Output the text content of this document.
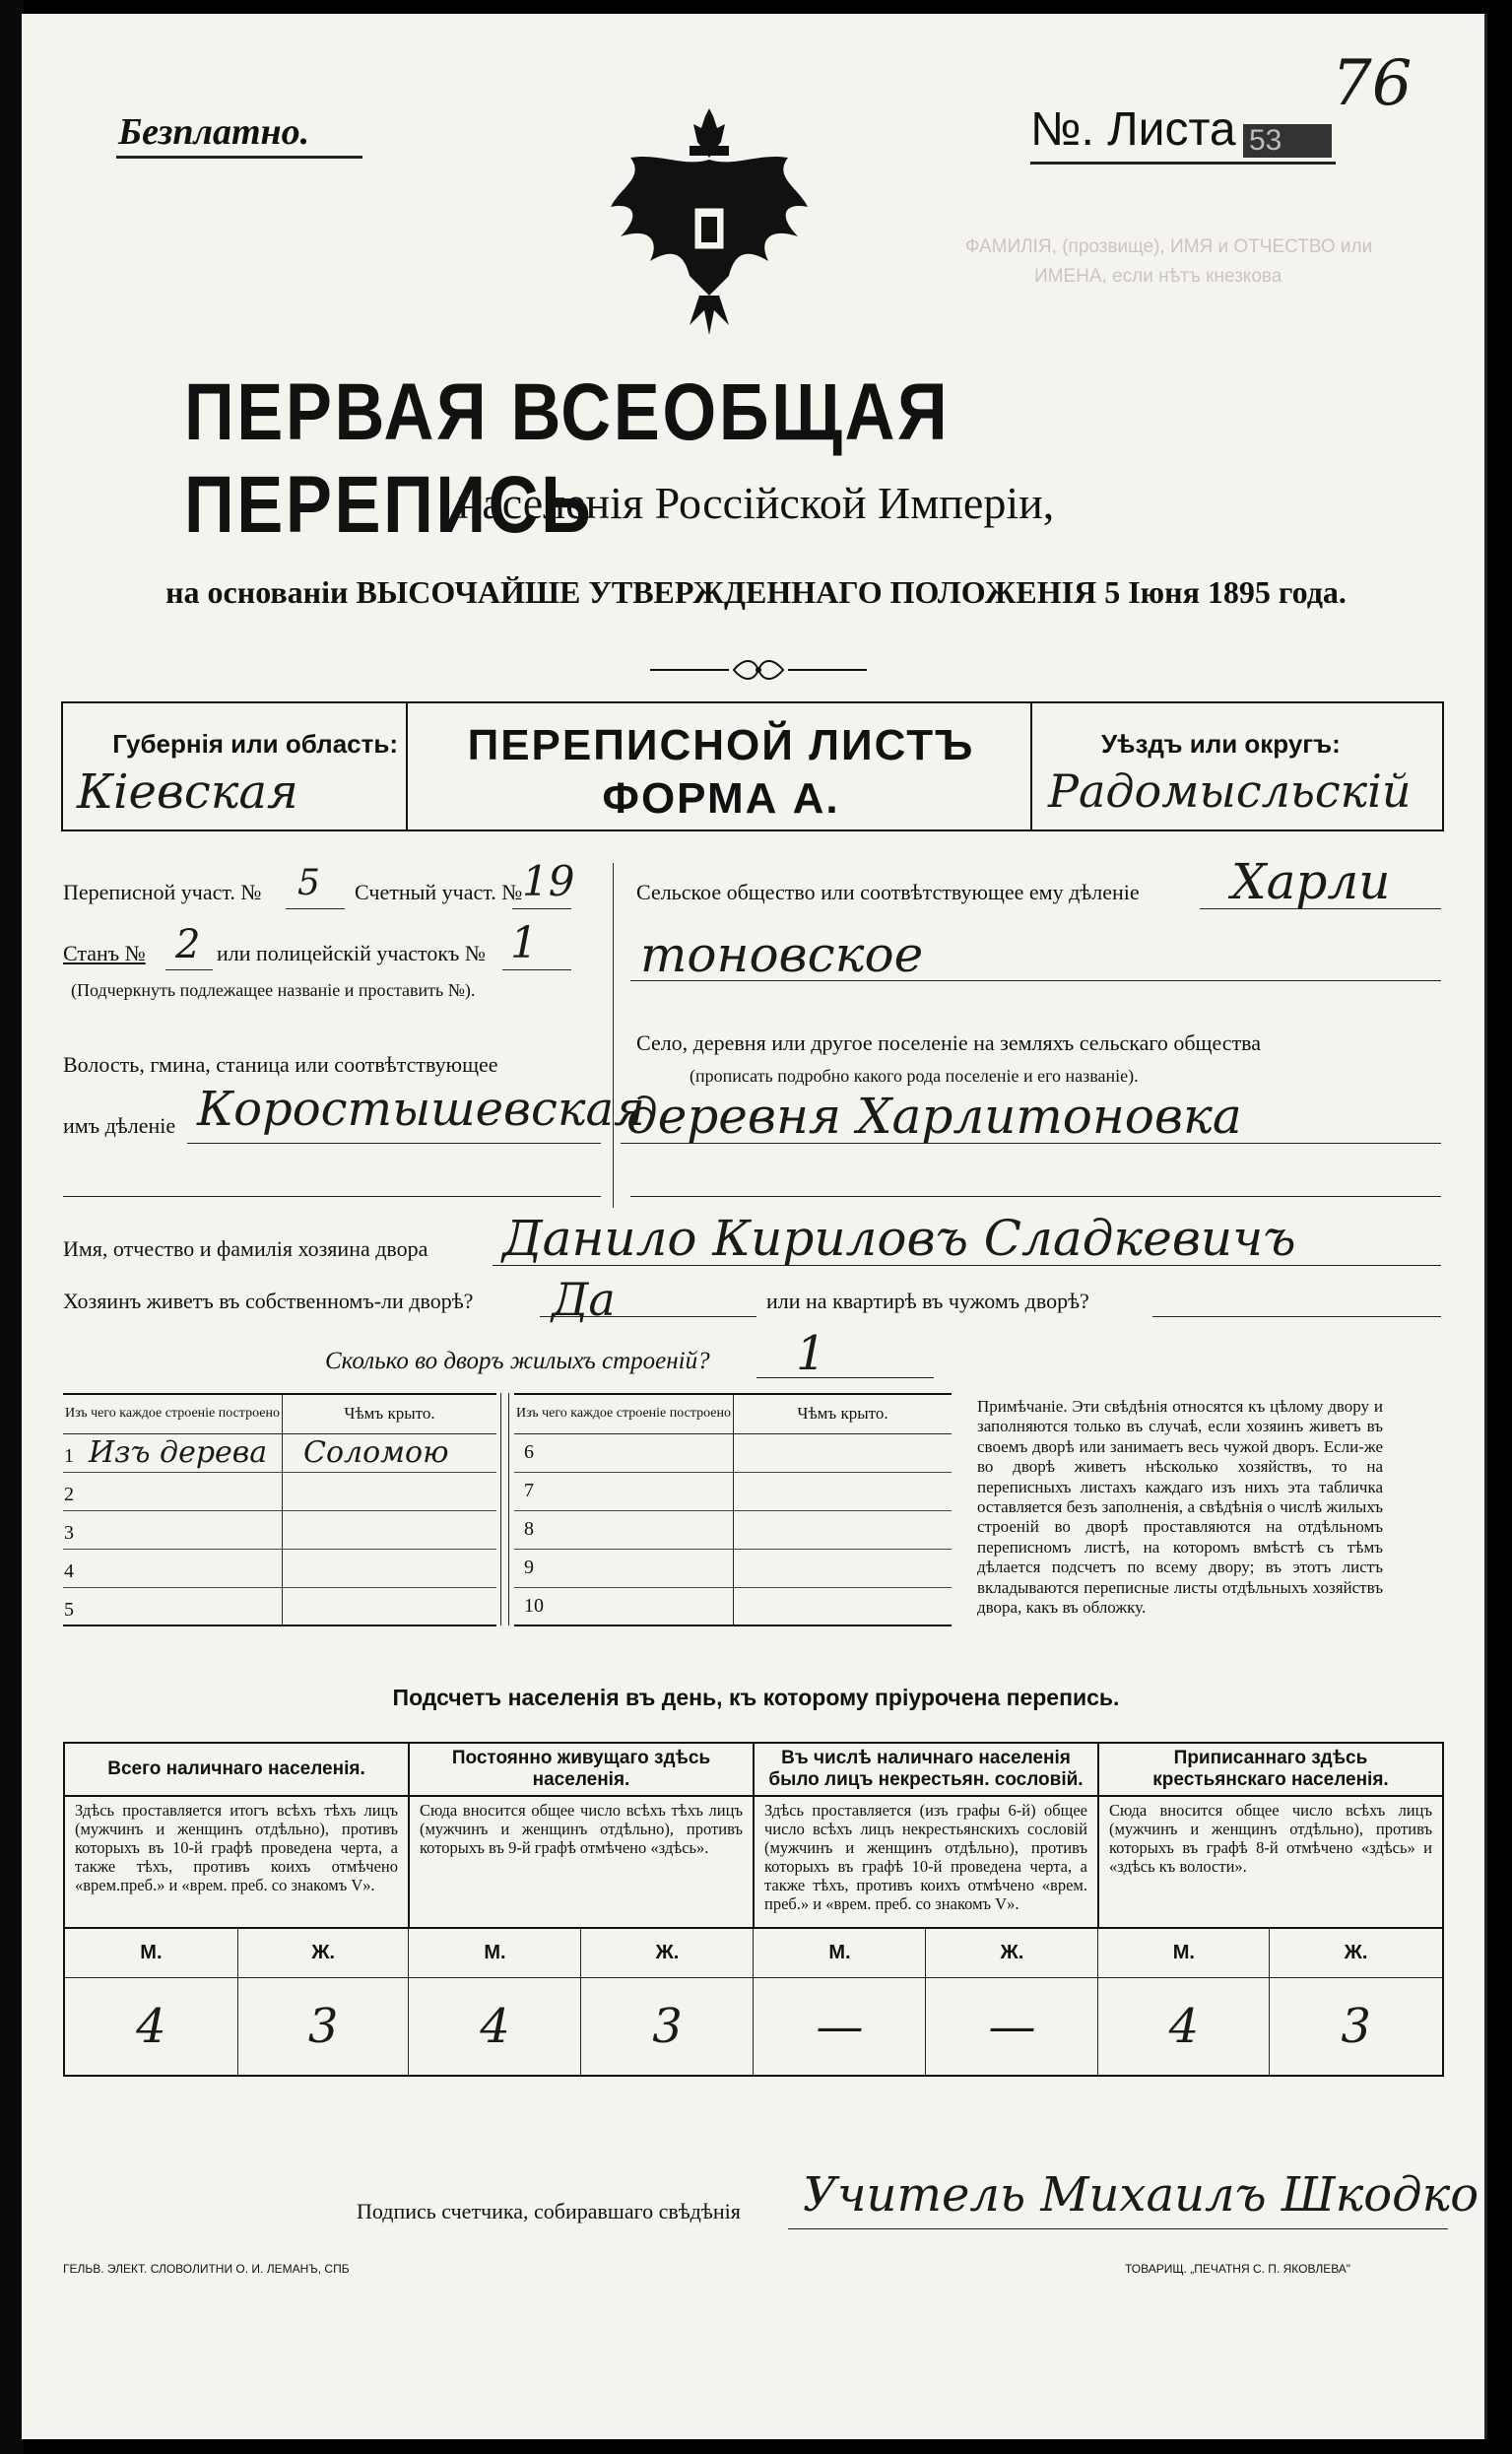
ФАМИЛІЯ, (прозвище), ИМЯ и ОТЧЕСТВО или
ИМЕНА, если нѣтъ кнезкова
76
Безплатно.	№. Листа 53
ПЕРВАЯ ВСЕОБЩАЯ ПЕРЕПИСЬ
населенія Россійской Имперіи,
на основаніи ВЫСОЧАЙШЕ УТВЕРЖДЕННАГО ПОЛОЖЕНІЯ 5 Іюня 1895 года.
Губернія или область:
Кіевская
ПЕРЕПИСНОЙ ЛИСТЪ
ФОРМА А.
Уѣздъ или округъ:
Радомысльскій
Переписной участ. № 5 Счетный участ. № 19
Станъ № 2 или полицейскій участокъ № 1
(Подчеркнуть подлежащее названіе и проставить №).
Волость, гмина, станица или соотвѣтствующее
имъ дѣленіе Коростышевская
Сельское общество или соотвѣтствующее ему дѣленіе Харли
тоновское
Село, деревня или другое поселеніе на земляхъ сельскаго общества
(прописать подробно какого рода поселеніе и его названіе).
деревня Харлитоновка
Имя, отчество и фамилія хозяина двора Данило Кириловъ Сладкевичъ
Хозяинъ живетъ въ собственномъ-ли дворѣ? Да	или на квартирѣ въ чужомъ дворѣ?
Сколько во дворъ жилыхъ строеній? 1
Изъ чего каждое строеніе построено	Чѣмъ крыто.
1 Изъ дерева	Соломою
2	
3	
4	
5	
Изъ чего каждое строеніе построено	Чѣмъ крыто.
6	
7	
8	
9	
10	
Примѣчаніе. Эти свѣдѣнія относятся къ цѣлому двору и заполняются только въ случаѣ, если хозяинъ живетъ въ своемъ дворѣ или занимаетъ весь чужой дворъ. Если-же во дворѣ живетъ нѣсколько хозяйствъ, то на переписныхъ листахъ каждаго изъ нихъ эта табличка оставляется безъ заполненія, а свѣдѣнія о числѣ жилыхъ строеній во дворѣ проставляются на отдѣльномъ переписномъ листѣ, на которомъ вмѣстѣ съ тѣмъ дѣлается подсчетъ по всему двору; въ этотъ листъ вкладываются переписные листы отдѣльныхъ хозяйствъ двора, какъ въ обложку.
Подсчетъ населенія въ день, къ которому пріурочена перепись.
Всего наличнаго населенія.		Постоянно живущаго здѣсь населенія.		Въ числѣ наличнаго населенія было лицъ некрестьян. сословій.		Приписаннаго здѣсь крестьянскаго населенія.	
Здѣсь проставляется итогъ всѣхъ тѣхъ лицъ (мужчинъ и женщинъ отдѣльно), противъ которыхъ въ 10-й графѣ проведена черта, а также тѣхъ, противъ коихъ отмѣчено «врем.преб.» и «врем. преб. со знакомъ V».		Сюда вносится общее число всѣхъ тѣхъ лицъ (мужчинъ и женщинъ отдѣльно), противъ которыхъ въ 9-й графѣ отмѣчено «здѣсь».		Здѣсь проставляется (изъ графы 6-й) общее число всѣхъ лицъ некрестьянскихъ сословій (мужчинъ и женщинъ отдѣльно), противъ которыхъ въ графѣ 10-й проведена черта, а также тѣхъ, противъ коихъ отмѣчено «врем. преб.» и «врем. преб. со знакомъ V».		Сюда вносится общее число всѣхъ лицъ (мужчинъ и женщинъ отдѣльно), противъ которыхъ въ графѣ 8-й отмѣчено «здѣсь» и «здѣсь къ волости».	
М.	Ж.	М.	Ж.	М.	Ж.	М.	Ж.
4	3	4	3	—	—	4	3
Подпись счетчика, собиравшаго свѣдѣнія Учитель Михаилъ Шкодко
ГЕЛЬВ. ЭЛЕКТ. СЛОВОЛИТНИ О. И. ЛЕМАНЪ, СПБ	ТОВАРИЩ. „ПЕЧАТНЯ С. П. ЯКОВЛЕВА"
